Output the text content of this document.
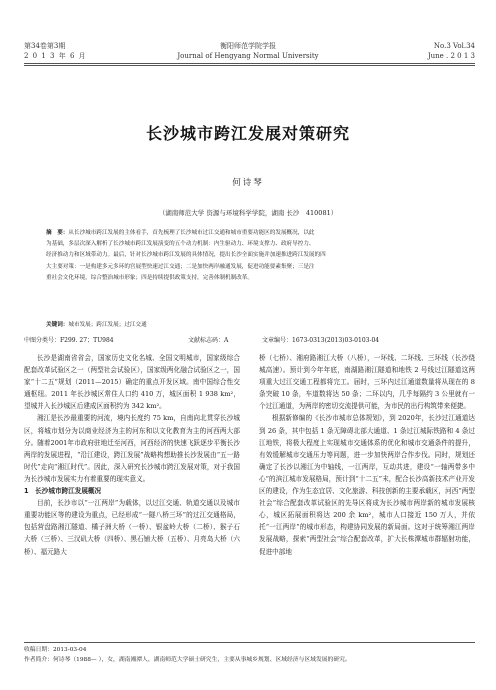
第34卷第3期
2 0 1 3 年 6 月
衡阳师范学院学报
Journal of Hengyang Normal University
No.3 Vol.34
June . 2 0 1 3
长沙城市跨江发展对策研究
何诗琴
（湖南师范大学 资源与环境科学学院，湖南 长沙　410081）
摘　要：从长沙城市跨江发展的主体看手，首先梳理了长沙城市过江交通和城市重要功能区的发展概况，以此
为基础，多层次深入解析了长沙城市跨江发展演变的五个动力机制：内生驱动力、环境支撑力、政府导控力、
经济推动力和区域带动力。最后，针对长沙城市跨江发展的具体情况，提出长沙全面实施并加速推进跨江发展的四
大主要对策：一是构建多元多环的宫展型快速过江交通；二是加快两岸融通发展，促进功能要素集聚；三是注
重社会文化环境，综合整治城市形象；四是持续提供政策支持，完善体制机制改革。
关键词：城市发展；跨江发展；过江交通
中图分类号：F299. 27；TU984	文献标志码：A	文章编号：1673-0313(2013)03-0103-04

长沙是湖南省省会，国家历史文化名城、全国文明城市，国家级综合配套改革试验区之一（两型社会试验区），国家级两化融合试验区之一，国家“十二五”规划（2011—2015）确定的重点开发区域。南中国综合性交通枢纽。2011 年长沙城区常住人口约 410 万，城区面积 1 938 km²，望城并入长沙城区后建成区面积约为 342 km²。

湘江是长沙最重要的河流，境内长度约 75 km，自南向北贯穿长沙城区，将城市划分为以商业经济为主的河东和以文化教育为主的河西两大部分。随着2001年市政府驻地迁至河西，河西经济的快速飞跃逐步平衡长沙两岸的发展进程，“沿江建设，跨江发展”战略构想助推长沙发展由“五一路时代”走向“湘江时代”。因此，深入研究长沙城市跨江发展对策，对于我国为长沙城市发展实力有着重要的现实意义。

1　长沙城市跨江发展概况

目前，长沙市以“一江两岸”为载体，以过江交通、轨道交通以及城市重要功能区等的建设为重点，已经形成“一隧八桥三环”的过江交通格局，包括营盘路湘江隧道、橘子洲大桥（一桥）、银盆岭大桥（二桥）、猴子石大桥（三桥）、三汊矶大桥（四桥）、黑石铺大桥（五桥）、月亮岛大桥（六桥）、福元路大

桥（七桥）、湘府路湘江大桥（八桥），一环线、二环线、三环线（长沙绕城高速）。预计到今年年底，南湖路湘江隧道和地铁 2 号线过江隧道这两项重大过江交通工程都将完工。届时，三环内过江通道数量将从现在的 8 条突破 10 条，车道数将达 50 条；二环以内，几乎每隔约 3 公里就有一个过江通道，为两岸的密切交流提供可能，为市民的出行构筑带来便捷。

根据新修编的《长沙市城市总体规划》，到 2020年，长沙过江通道达到 26 条，其中包括 1 条无障碍北部大通道、1 条过江城际铁路和 4 条过江地铁，将极大程度上实现城市交通体系的优化和城市交通条件的提升，有效缓解城市交通压力等问题，进一步加快两岸合作步伐。同时，规划还确定了长沙以湘江为中轴线，一江两岸，互动共进，建设“一轴两带多中心”的滨江城市发展格局，预计到“十二五”末，配合长沙高新技术产业开发区的建设，作为生态宜居、文化旅游、科技创新的主要承载区，河西“两型社会”综合配套改革试验区的先导区将成为长沙城市两岸新的城市发展核心，城区拓展面积将达 200 余 km²，城市人口接近 150 万人，并依托“一江两岸”的城市形态，构建协同发展的新局面。这对于统筹湘江两岸发展战略，探索“两型社会”综合配套改革，扩大长株潭城市群辐射功能，促进中部地

收稿日期：2013-03-04
作者简介：何诗琴（1988— ），女，湖南湘潭人，湖南师范大学硕士研究生，主要从事城乡规划、区域经济与区域发展的研究。
